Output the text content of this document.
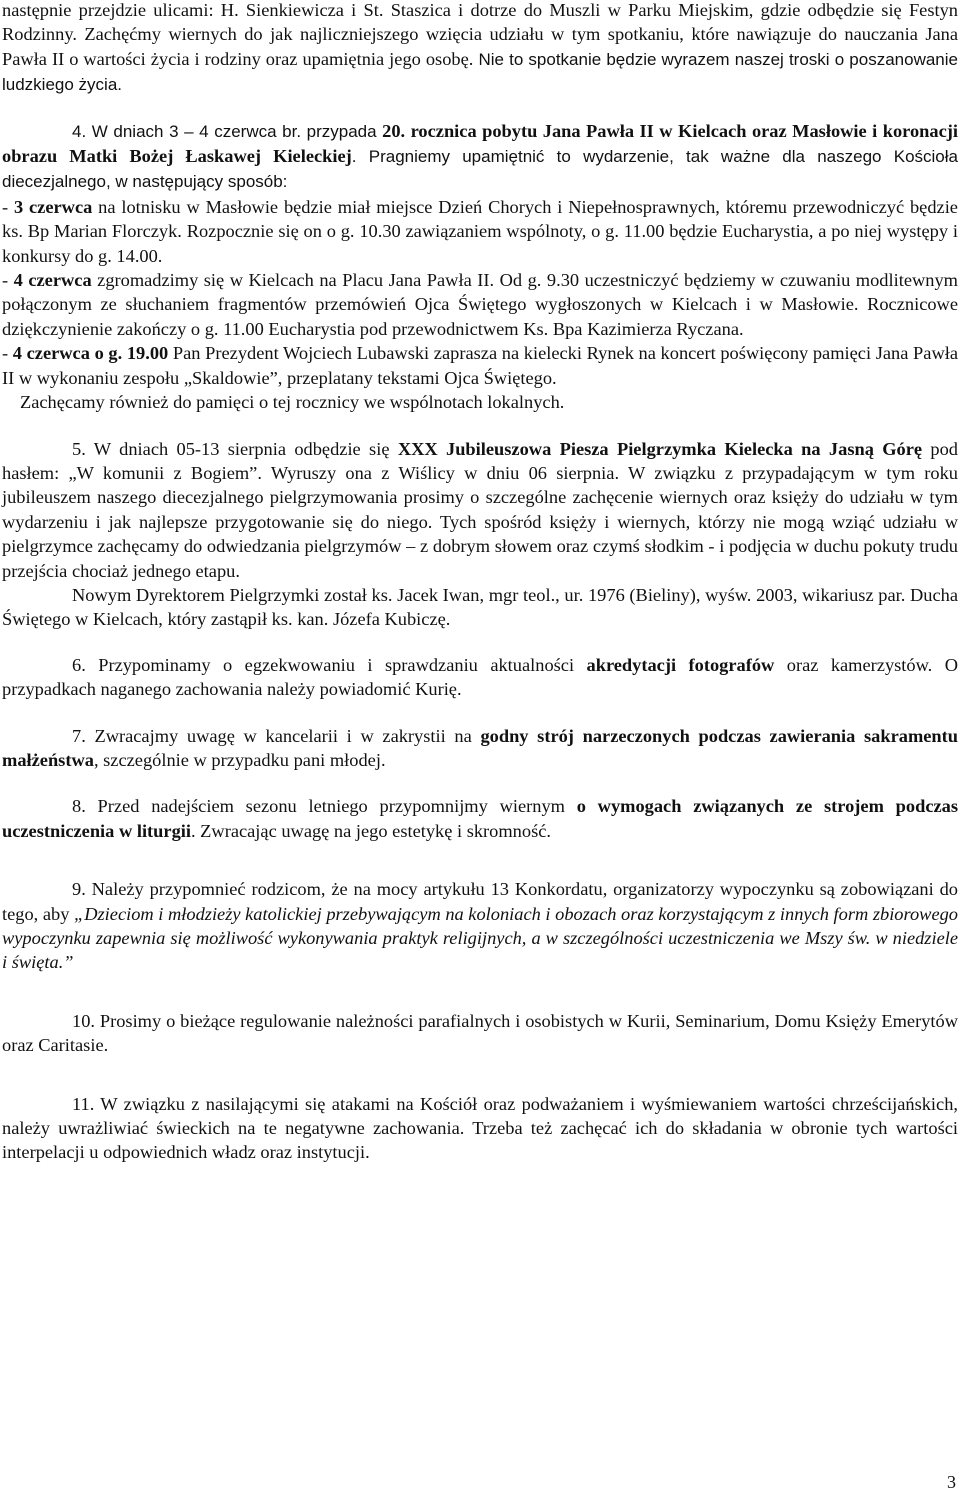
następnie przejdzie ulicami: H. Sienkiewicza i St. Staszica i dotrze do Muszli w Parku Miejskim, gdzie odbędzie się Festyn Rodzinny. Zachęćmy wiernych do jak najliczniejszego wzięcia udziału w tym spotkaniu, które nawiązuje do nauczania Jana Pawła II o wartości życia i rodziny oraz upamiętnia jego osobę. Nie to spotkanie będzie wyrazem naszej troski o poszanowanie ludzkiego życia.

4. W dniach 3 – 4 czerwca br. przypada 20. rocznica pobytu Jana Pawła II w Kielcach oraz Masłowie i koronacji obrazu Matki Bożej Łaskawej Kieleckiej. Pragniemy upamiętnić to wydarzenie, tak ważne dla naszego Kościoła diecezjalnego, w następujący sposób:

- 3 czerwca na lotnisku w Masłowie będzie miał miejsce Dzień Chorych i Niepełnosprawnych, któremu przewodniczyć będzie ks. Bp Marian Florczyk. Rozpocznie się on o g. 10.30 zawiązaniem wspólnoty, o g. 11.00 będzie Eucharystia, a po niej występy i konkursy do g. 14.00.

- 4 czerwca zgromadzimy się w Kielcach na Placu Jana Pawła II. Od g. 9.30 uczestniczyć będziemy w czuwaniu modlitewnym połączonym ze słuchaniem fragmentów przemówień Ojca Świętego wygłoszonych w Kielcach i w Masłowie. Rocznicowe dziękczynienie zakończy o g. 11.00 Eucharystia pod przewodnictwem Ks. Bpa Kazimierza Ryczana.

- 4 czerwca o g. 19.00 Pan Prezydent Wojciech Lubawski zaprasza na kielecki Rynek na koncert poświęcony pamięci Jana Pawła II w wykonaniu zespołu „Skaldowie”, przeplatany tekstami Ojca Świętego.

Zachęcamy również do pamięci o tej rocznicy we wspólnotach lokalnych.

5. W dniach 05-13 sierpnia odbędzie się XXX Jubileuszowa Piesza Pielgrzymka Kielecka na Jasną Górę pod hasłem: „W komunii z Bogiem”. Wyruszy ona z Wiślicy w dniu 06 sierpnia. W związku z przypadającym w tym roku jubileuszem naszego diecezjalnego pielgrzymowania prosimy o szczególne zachęcenie wiernych oraz księży do udziału w tym wydarzeniu i jak najlepsze przygotowanie się do niego. Tych spośród księży i wiernych, którzy nie mogą wziąć udziału w pielgrzymce zachęcamy do odwiedzania pielgrzymów – z dobrym słowem oraz czymś słodkim - i podjęcia w duchu pokuty trudu przejścia chociaż jednego etapu.

Nowym Dyrektorem Pielgrzymki został ks. Jacek Iwan, mgr teol., ur. 1976 (Bieliny), wyśw. 2003, wikariusz par. Ducha Świętego w Kielcach, który zastąpił ks. kan. Józefa Kubiczę.

6. Przypominamy o egzekwowaniu i sprawdzaniu aktualności akredytacji fotografów oraz kamerzystów. O przypadkach naganego zachowania należy powiadomić Kurię.

7. Zwracajmy uwagę w kancelarii i w zakrystii na godny strój narzeczonych podczas zawierania sakramentu małżeństwa, szczególnie w przypadku pani młodej.

8. Przed nadejściem sezonu letniego przypomnijmy wiernym o wymogach związanych ze strojem podczas uczestniczenia w liturgii. Zwracając uwagę na jego estetykę i skromność.

9. Należy przypomnieć rodzicom, że na mocy artykułu 13 Konkordatu, organizatorzy wypoczynku są zobowiązani do tego, aby „Dzieciom i młodzieży katolickiej przebywającym na koloniach i obozach oraz korzystającym z innych form zbiorowego wypoczynku zapewnia się możliwość wykonywania praktyk religijnych, a w szczególności uczestniczenia we Mszy św. w niedziele i święta.”

10. Prosimy o bieżące regulowanie należności parafialnych i osobistych w Kurii, Seminarium, Domu Księży Emerytów oraz Caritasie.

11. W związku z nasilającymi się atakami na Kościół oraz podważaniem i wyśmiewaniem wartości chrześcijańskich, należy uwrażliwiać świeckich na te negatywne zachowania. Trzeba też zachęcać ich do składania w obronie tych wartości interpelacji u odpowiednich władz oraz instytucji.

3
